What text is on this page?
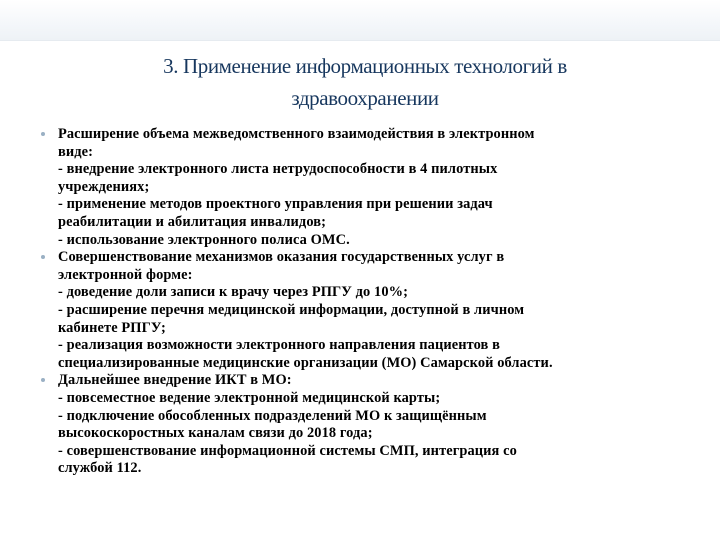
3. Применение информационных технологий в
здравоохранении
Расширение объема межведомственного взаимодействия в электронном
виде:
- внедрение электронного листа нетрудоспособности в 4 пилотных
учреждениях;
- применение методов проектного управления при решении задач
реабилитации и абилитация инвалидов;
- использование электронного полиса ОМС.
Совершенствование механизмов оказания государственных услуг в
электронной форме:
- доведение доли записи к врачу через РПГУ до 10%;
- расширение перечня медицинской информации, доступной в личном
кабинете РПГУ;
- реализация возможности электронного направления пациентов в
специализированные медицинские организации (МО) Самарской области.
Дальнейшее внедрение ИКТ в МО:
- повсеместное ведение электронной медицинской карты;
- подключение обособленных подразделений МО к защищённым
высокоскоростных каналам связи до 2018 года;
- совершенствование информационной системы СМП, интеграция со
службой 112.
